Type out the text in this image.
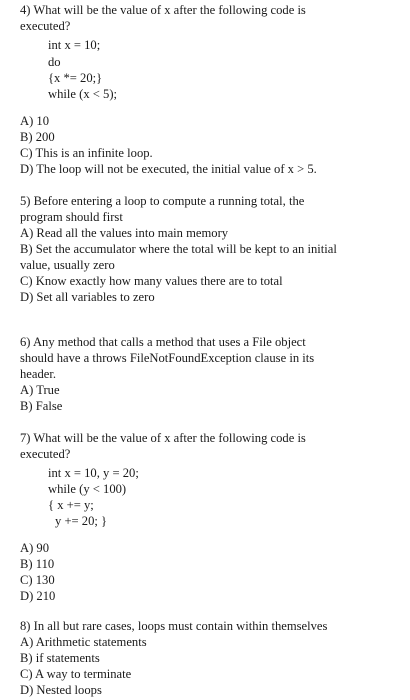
4) What will be the value of x after the following code is
executed?
int x = 10;
do
{x *= 20;}
while (x < 5);
A) 10
B) 200
C) This is an infinite loop.
D) The loop will not be executed, the initial value of x > 5.
5) Before entering a loop to compute a running total, the
program should first
A) Read all the values into main memory
B) Set the accumulator where the total will be kept to an initial
value, usually zero
C) Know exactly how many values there are to total
D) Set all variables to zero
6) Any method that calls a method that uses a File object
should have a throws FileNotFoundException clause in its
header.
A) True
B) False
7) What will be the value of x after the following code is
executed?
int x = 10, y = 20;
while (y < 100)
{ x += y;
y += 20; }
A) 90
B) 110
C) 130
D) 210
8) In all but rare cases, loops must contain within themselves
A) Arithmetic statements
B) if statements
C) A way to terminate
D) Nested loops
